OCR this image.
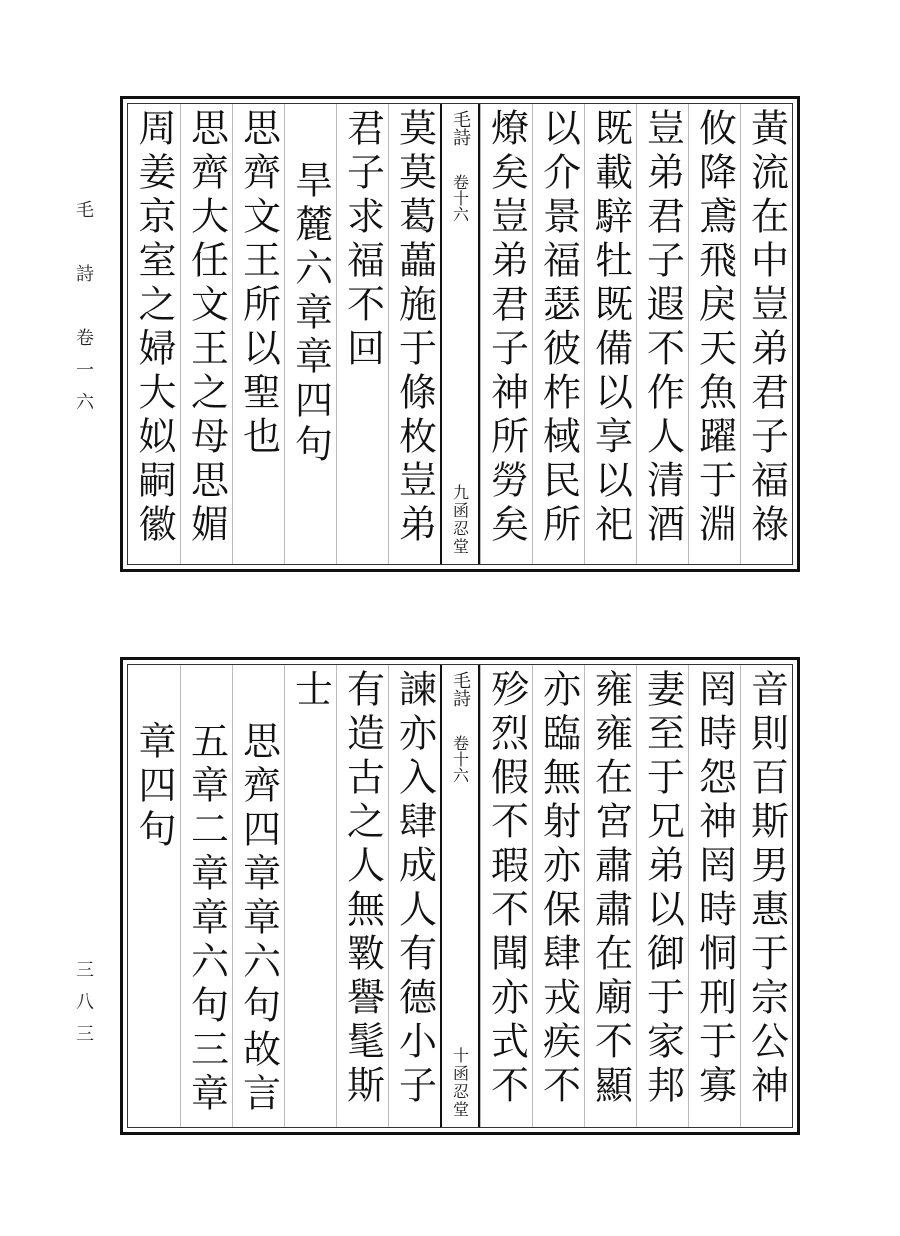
毛　詩　卷一六
三八三
黃流在中豈弟君子福祿
攸降鳶飛戾天魚躍于淵
豈弟君子遐不作人清酒
既載騂牡既備以享以祀
以介景福瑟彼柞棫民所
燎矣豈弟君子神所勞矣
毛詩
卷十六
九
函忍堂
莫莫葛藟施于條枚豈弟
君子求福不回
旱麓六章章四句
思齊文王所以聖也
思齊大任文王之母思媚
周姜京室之婦大姒嗣徽
音則百斯男惠于宗公神
罔時怨神罔時恫刑于寡
妻至于兄弟以御于家邦
雍雍在宮肅肅在廟不顯
亦臨無射亦保肆戎疾不
殄烈假不瑕不聞亦式不
毛詩
卷十六
十
函忍堂
諫亦入肆成人有德小子
有造古之人無斁譽髦斯
士
思齊四章章六句故言
五章二章章六句三章
章四句
